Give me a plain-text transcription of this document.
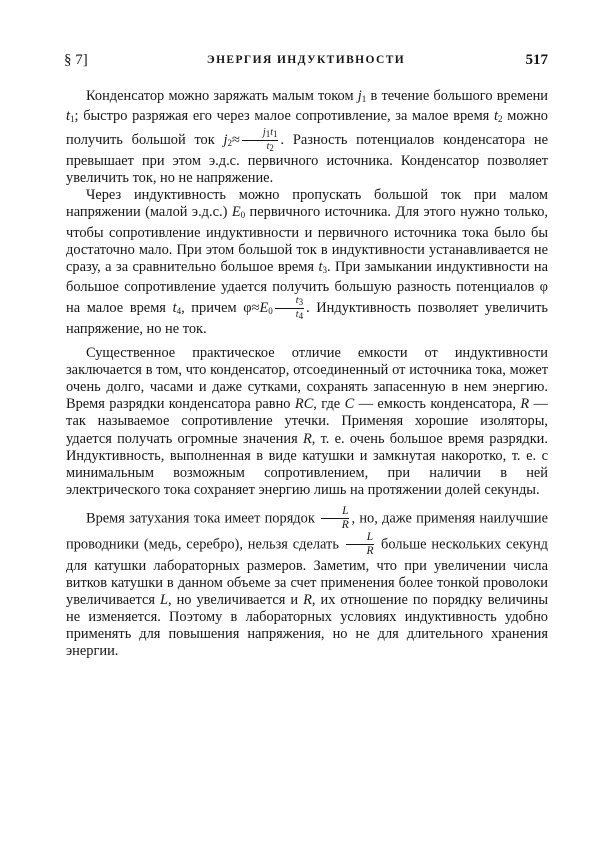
§ 7]	ЭНЕРГИЯ ИНДУКТИВНОСТИ	517

Конденсатор можно заряжать малым током $j_1$ в течение большого времени $t_1$; быстро разряжая его через малое сопротивление, за малое время $t_2$ можно получить большой ток $j_2\approx \frac{j1t1}{t2}$ . Разность потенциалов конденсатора не превышает при этом э.д.с. первичного источника. Конденсатор позволяет увеличить ток, но не напряжение.

Через индуктивность можно пропускать большой ток при малом напряжении (малой э.д.с.) $E_0$ первичного источника. Для этого нужно только, чтобы сопротивление индуктивности и первичного источника тока было бы достаточно мало. При этом большой ток в индуктивности устанавливается не сразу, а за сравнительно большое время $t_3$. При замыкании индуктивности на большое сопротивление удается получить большую разность потенциалов φ на малое время $t_4$, причем $\varphi\approx E_0 \frac{t3}{t4}$ . Индуктивность позволяет увеличить напряжение, но не ток.

Существенное практическое отличие емкости от индуктивности заключается в том, что конденсатор, отсоединенный от источника тока, может очень долго, часами и даже сутками, сохранять запасенную в нем энергию. Время разрядки конденсатора равно RC, где C — емкость конденсатора, R — так называемое сопротивление утечки. Применяя хорошие изоляторы, удается получать огромные значения R, т. е. очень большое время разрядки. Индуктивность, выполненная в виде катушки и замкнутая накоротко, т. е. с минимальным возможным сопротивлением, при наличии в ней электрического тока сохраняет энергию лишь на протяжении долей секунды.

Время затухания тока имеет порядок $\frac{L}{R}$ , но, даже применяя наилучшие проводники (медь, серебро), нельзя сделать $\frac{L}{R}$ больше нескольких секунд для катушки лабораторных размеров. Заметим, что при увеличении числа витков катушки в данном объеме за счет применения более тонкой проволоки увеличивается L, но увеличивается и R, их отношение по порядку величины не изменяется. Поэтому в лабораторных условиях индуктивность удобно применять для повышения напряжения, но не для длительного хранения энергии.
